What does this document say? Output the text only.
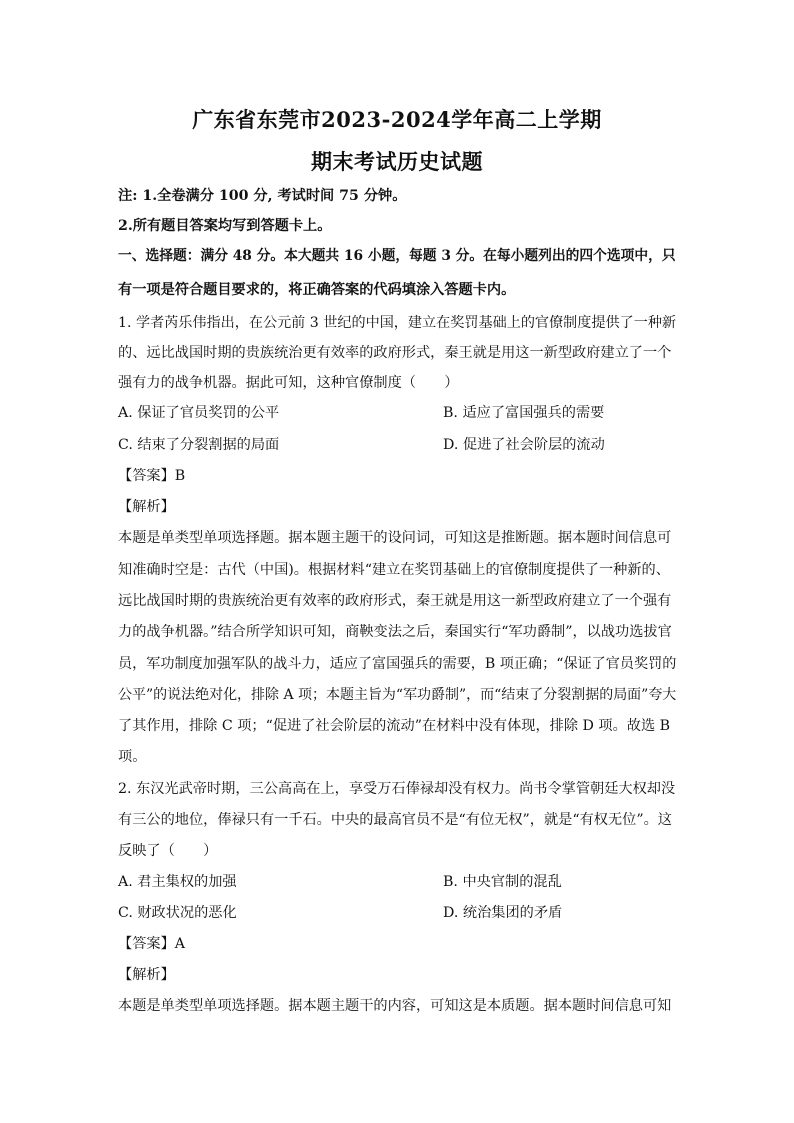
广东省东莞市2023-2024学年高二上学期
期末考试历史试题
注: 1.全卷满分 100 分, 考试时间 75 分钟。
2.所有题目答案均写到答题卡上。
一、选择题：满分 48 分。本大题共 16 小题，每题 3 分。在每小题列出的四个选项中，只
有一项是符合题目要求的，将正确答案的代码填涂入答题卡内。
1. 学者芮乐伟指出，在公元前 3 世纪的中国，建立在奖罚基础上的官僚制度提供了一种新
的、远比战国时期的贵族统治更有效率的政府形式，秦王就是用这一新型政府建立了一个
强有力的战争机器。据此可知，这种官僚制度（　　）
A. 保证了官员奖罚的公平	B. 适应了富国强兵的需要
C. 结束了分裂割据的局面	D. 促进了社会阶层的流动
【答案】B
【解析】
本题是单类型单项选择题。据本题主题干的设问词，可知这是推断题。据本题时间信息可
知准确时空是：古代（中国)。根据材料“建立在奖罚基础上的官僚制度提供了一种新的、
远比战国时期的贵族统治更有效率的政府形式，秦王就是用这一新型政府建立了一个强有
力的战争机器。”结合所学知识可知，商鞅变法之后，秦国实行“军功爵制”，以战功选拔官
员，军功制度加强军队的战斗力，适应了富国强兵的需要，B 项正确；“保证了官员奖罚的
公平”的说法绝对化，排除 A 项；本题主旨为“军功爵制”，而“结束了分裂割据的局面”夸大
了其作用，排除 C 项；“促进了社会阶层的流动”在材料中没有体现，排除 D 项。故选 B
项。
2. 东汉光武帝时期，三公高高在上，享受万石俸禄却没有权力。尚书令掌管朝廷大权却没
有三公的地位，俸禄只有一千石。中央的最高官员不是“有位无权”，就是“有权无位”。这
反映了（　　）
A. 君主集权的加强	B. 中央官制的混乱
C. 财政状况的恶化	D. 统治集团的矛盾
【答案】A
【解析】
本题是单类型单项选择题。据本题主题干的内容，可知这是本质题。据本题时间信息可知
